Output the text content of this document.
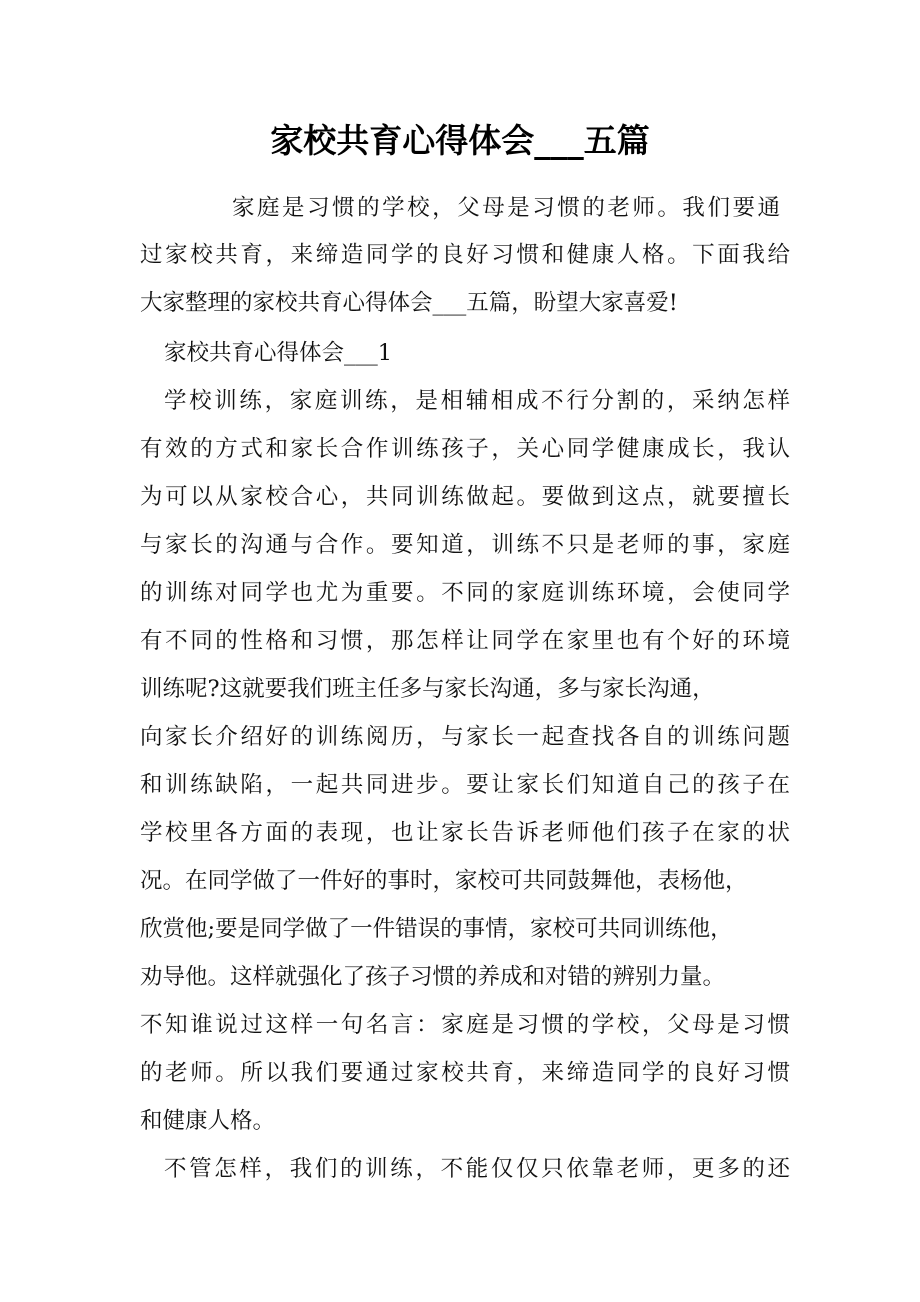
家校共育心得体会___五篇
家庭是习惯的学校，父母是习惯的老师。我们要通
过家校共育，来缔造同学的良好习惯和健康人格。下面我给
大家整理的家校共育心得体会___五篇，盼望大家喜爱!
家校共育心得体会___1
学校训练，家庭训练，是相辅相成不行分割的，采纳怎样
有效的方式和家长合作训练孩子，关心同学健康成长，我认
为可以从家校合心，共同训练做起。要做到这点，就要擅长
与家长的沟通与合作。要知道，训练不只是老师的事，家庭
的训练对同学也尤为重要。不同的家庭训练环境，会使同学
有不同的性格和习惯，那怎样让同学在家里也有个好的环境
训练呢?这就要我们班主任多与家长沟通，多与家长沟通，
向家长介绍好的训练阅历，与家长一起查找各自的训练问题
和训练缺陷，一起共同进步。要让家长们知道自己的孩子在
学校里各方面的表现，也让家长告诉老师他们孩子在家的状
况。在同学做了一件好的事时，家校可共同鼓舞他，表杨他，
欣赏他;要是同学做了一件错误的事情，家校可共同训练他，
劝导他。这样就强化了孩子习惯的养成和对错的辨别力量。
不知谁说过这样一句名言：家庭是习惯的学校，父母是习惯
的老师。所以我们要通过家校共育，来缔造同学的良好习惯
和健康人格。
不管怎样，我们的训练，不能仅仅只依靠老师，更多的还
